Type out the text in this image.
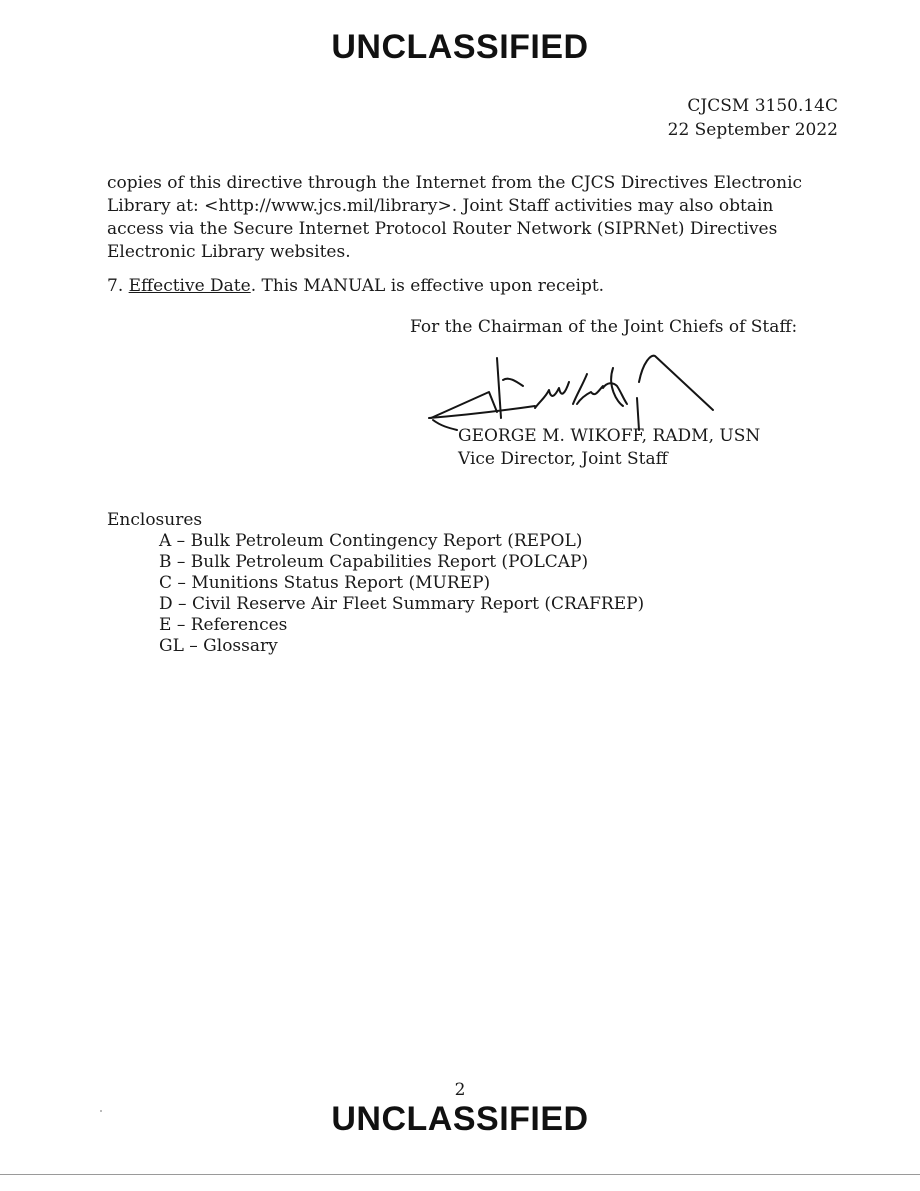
UNCLASSIFIED
CJCSM 3150.14C
22 September 2022
copies of this directive through the Internet from the CJCS Directives Electronic Library at: <http://www.jcs.mil/library>. Joint Staff activities may also obtain access via the Secure Internet Protocol Router Network (SIPRNet) Directives Electronic Library websites.
7. Effective Date. This MANUAL is effective upon receipt.
For the Chairman of the Joint Chiefs of Staff:
GEORGE M. WIKOFF, RADM, USN
Vice Director, Joint Staff
Enclosures
A – Bulk Petroleum Contingency Report (REPOL)
B – Bulk Petroleum Capabilities Report (POLCAP)
C – Munitions Status Report (MUREP)
D – Civil Reserve Air Fleet Summary Report (CRAFREP)
E – References
GL – Glossary
2
UNCLASSIFIED
